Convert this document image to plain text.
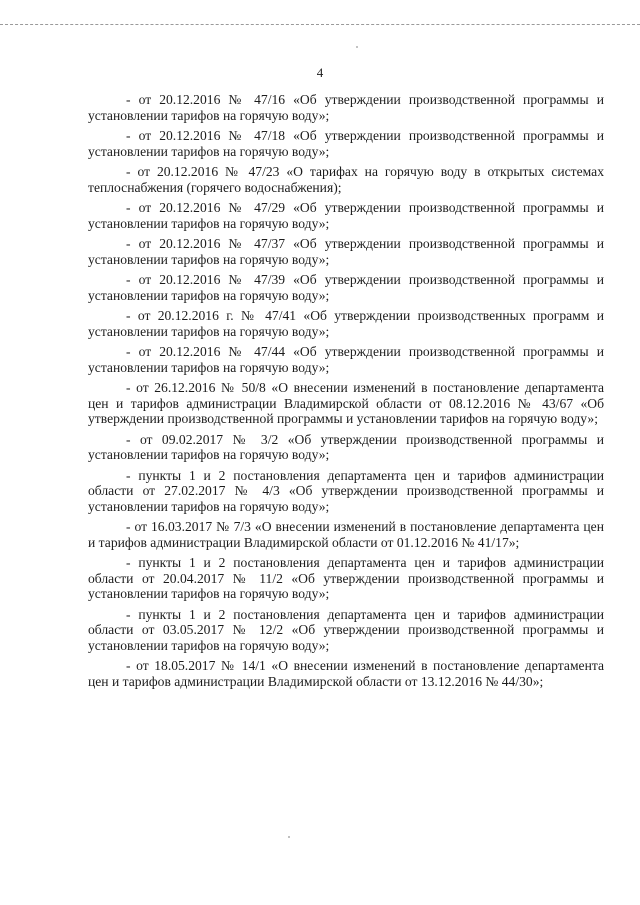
4

- от 20.12.2016 № 47/16 «Об утверждении производственной программы и установлении тарифов на горячую воду»;

- от 20.12.2016 № 47/18 «Об утверждении производственной программы и установлении тарифов на горячую воду»;

- от 20.12.2016 № 47/23 «О тарифах на горячую воду в открытых системах теплоснабжения (горячего водоснабжения);

- от 20.12.2016 № 47/29 «Об утверждении производственной программы и установлении тарифов на горячую воду»;

- от 20.12.2016 № 47/37 «Об утверждении производственной программы и установлении тарифов на горячую воду»;

- от 20.12.2016 № 47/39 «Об утверждении производственной программы и установлении тарифов на горячую воду»;

- от 20.12.2016 г. № 47/41 «Об утверждении производственных программ и установлении тарифов на горячую воду»;

- от 20.12.2016 № 47/44 «Об утверждении производственной программы и установлении тарифов на горячую воду»;

- от 26.12.2016 № 50/8 «О внесении изменений в постановление департамента цен и тарифов администрации Владимирской области от 08.12.2016 № 43/67 «Об утверждении производственной программы и установлении тарифов на горячую воду»;

- от 09.02.2017 № 3/2 «Об утверждении производственной программы и установлении тарифов на горячую воду»;

- пункты 1 и 2 постановления департамента цен и тарифов администрации области от 27.02.2017 № 4/3 «Об утверждении производственной программы и установлении тарифов на горячую воду»;

- от 16.03.2017 № 7/3 «О внесении изменений в постановление департамента цен и тарифов администрации Владимирской области от 01.12.2016 № 41/17»;

- пункты 1 и 2 постановления департамента цен и тарифов администрации области от 20.04.2017 № 11/2 «Об утверждении производственной программы и установлении тарифов на горячую воду»;

- пункты 1 и 2 постановления департамента цен и тарифов администрации области от 03.05.2017 № 12/2 «Об утверждении производственной программы и установлении тарифов на горячую воду»;

- от 18.05.2017 № 14/1 «О внесении изменений в постановление департамента цен и тарифов администрации Владимирской области от 13.12.2016 № 44/30»;
